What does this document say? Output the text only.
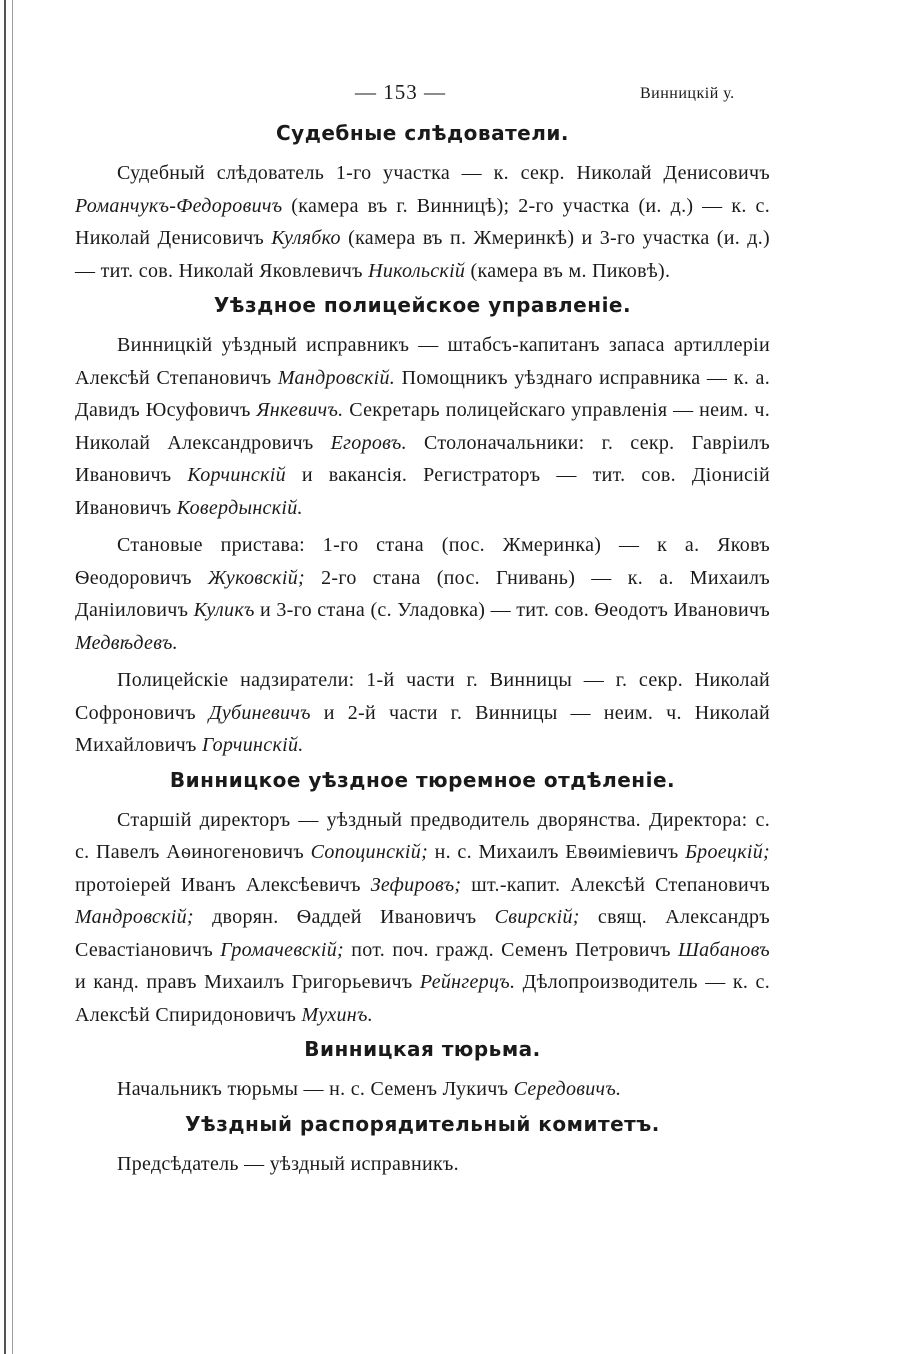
— 153 —	Винницкій у.
Судебные слѣдователи.

Судебный слѣдователь 1-го участка — к. секр. Николай Денисовичъ Романчукъ-Федоровичъ (камера въ г. Винницѣ); 2-го участка (и. д.) — к. с. Николай Денисовичъ Кулябко (камера въ п. Жмеринкѣ) и 3-го участка (и. д.) — тит. сов. Николай Яковлевичъ Никольскій (камера въ м. Пиковѣ).

Уѣздное полицейское управленіе.

Винницкій уѣздный исправникъ — штабсъ-капитанъ запаса артиллеріи Алексѣй Степановичъ Мандровскій. Помощникъ уѣзднаго исправника — к. а. Давидъ Юсуфовичъ Янкевичъ. Секретарь полицейскаго управленія — неим. ч. Николай Александровичъ Егоровъ. Столоначальники: г. секр. Гавріилъ Ивановичъ Корчинскій и вакансія. Регистраторъ — тит. сов. Діонисій Ивановичъ Ковердынскій.

Становые пристава: 1-го стана (пос. Жмеринка) — к а. Яковъ Ѳеодоровичъ Жуковскій; 2-го стана (пос. Гнивань) — к. а. Михаилъ Даніиловичъ Куликъ и 3-го стана (с. Уладовка) — тит. сов. Ѳеодотъ Ивановичъ Медвѣдевъ.

Полицейскіе надзиратели: 1-й части г. Винницы — г. секр. Николай Софроновичъ Дубиневичъ и 2-й части г. Винницы — неим. ч. Николай Михайловичъ Горчинскій.

Винницкое уѣздное тюремное отдѣленіе.

Старшій директоръ — уѣздный предводитель дворянства. Директора: с. с. Павелъ Аѳиногеновичъ Сопоцинскій; н. с. Михаилъ Евѳиміевичъ Броецкій; протоіерей Иванъ Алексѣевичъ Зефировъ; шт.-капит. Алексѣй Степановичъ Мандровскій; дворян. Ѳаддей Ивановичъ Свирскій; свящ. Александръ Севастіановичъ Громачевскій; пот. поч. гражд. Семенъ Петровичъ Шабановъ и канд. правъ Михаилъ Григорьевичъ Рейнгерцъ. Дѣлопроизводитель — к. с. Алексѣй Спиридоновичъ Мухинъ.

Винницкая тюрьма.

Начальникъ тюрьмы — н. с. Семенъ Лукичъ Середовичъ.

Уѣздный распорядительный комитетъ.

Предсѣдатель — уѣздный исправникъ.
